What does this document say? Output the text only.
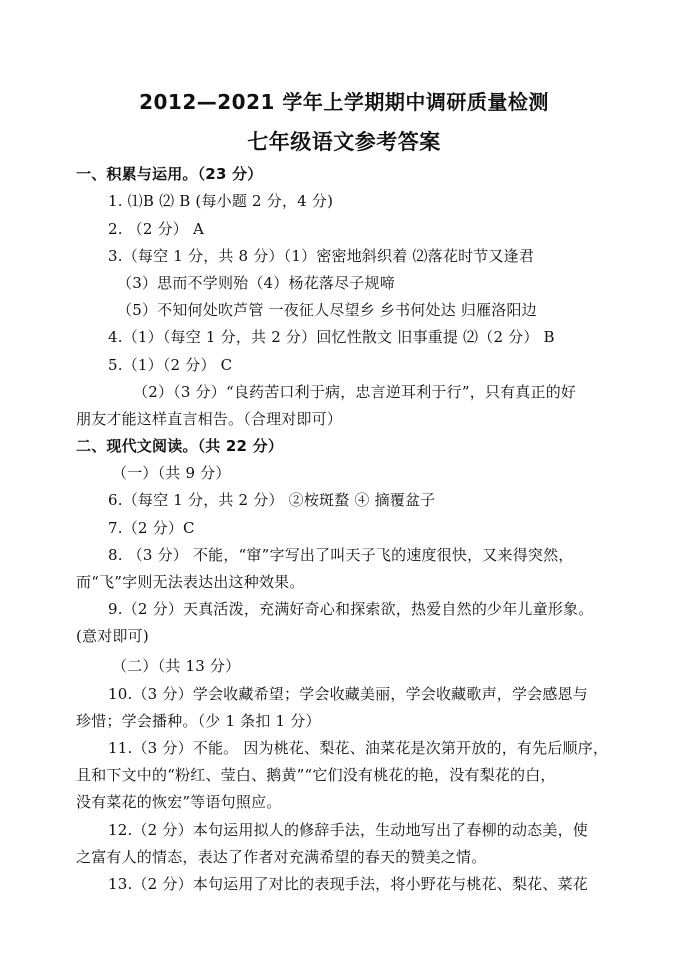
2012—2021 学年上学期期中调研质量检测
七年级语文参考答案
一、积累与运用。（23 分）
1. ⑴B ⑵ B (每小题 2 分，4 分)
2. （2 分） A
3.（每空 1 分，共 8 分）（1）密密地斜织着 ⑵落花时节又逢君
（3）思而不学则殆（4）杨花落尽子规啼
（5）不知何处吹芦管 一夜征人尽望乡 乡书何处达 归雁洛阳边
4.（1）（每空 1 分，共 2 分）回忆性散文 旧事重提 ⑵（2 分） B
5.（1）（2 分） C
（2）（3 分）“良药苦口利于病，忠言逆耳利于行”，只有真正的好
朋友才能这样直言相告。（合理对即可）
二、现代文阅读。（共 22 分）
（一）（共 9 分）
6.（每空 1 分，共 2 分） ②桉斑蝥 ④ 摘覆盆子
7.（2 分）C
8. （3 分） 不能，“窜”字写出了叫天子飞的速度很快，又来得突然，
而“飞”字则无法表达出这种效果。
9.（2 分）天真活泼，充满好奇心和探索欲，热爱自然的少年儿童形象。
(意对即可)
（二）（共 13 分）
10.（3 分）学会收藏希望；学会收藏美丽，学会收藏歌声，学会感恩与
珍惜；学会播种。（少 1 条扣 1 分）
11.（3 分）不能。 因为桃花、梨花、油菜花是次第开放的，有先后顺序，
且和下文中的“粉红、莹白、鹅黄”“它们没有桃花的艳，没有梨花的白，
没有菜花的恢宏”等语句照应。
12.（2 分）本句运用拟人的修辞手法，生动地写出了春柳的动态美，使
之富有人的情态，表达了作者对充满希望的春天的赞美之情。
13.（2 分）本句运用了对比的表现手法，将小野花与桃花、梨花、菜花
